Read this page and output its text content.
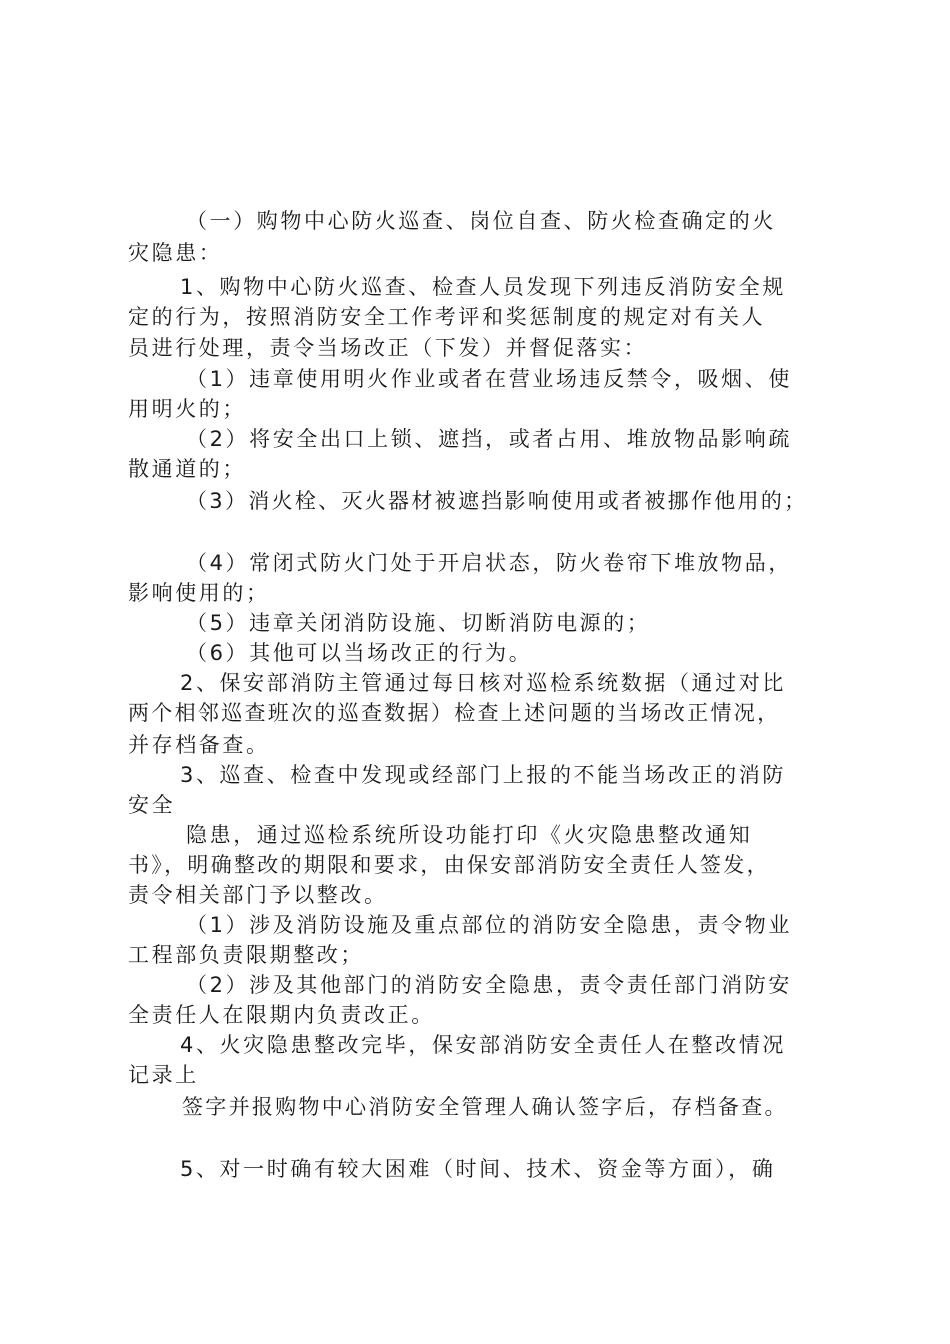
（一）购物中心防火巡查、岗位自查、防火检查确定的火
灾隐患：
1、购物中心防火巡查、检查人员发现下列违反消防安全规
定的行为，按照消防安全工作考评和奖惩制度的规定对有关人
员进行处理，责令当场改正（下发）并督促落实：
（1）违章使用明火作业或者在营业场违反禁令，吸烟、使
用明火的；
（2）将安全出口上锁、遮挡，或者占用、堆放物品影响疏
散通道的；
（3）消火栓、灭火器材被遮挡影响使用或者被挪作他用的；
（4）常闭式防火门处于开启状态，防火卷帘下堆放物品，
影响使用的；
（5）违章关闭消防设施、切断消防电源的；
（6）其他可以当场改正的行为。
2、保安部消防主管通过每日核对巡检系统数据（通过对比
两个相邻巡查班次的巡查数据）检查上述问题的当场改正情况，
并存档备查。
3、巡查、检查中发现或经部门上报的不能当场改正的消防
安全
隐患，通过巡检系统所设功能打印《火灾隐患整改通知
书》，明确整改的期限和要求，由保安部消防安全责任人签发，
责令相关部门予以整改。
（1）涉及消防设施及重点部位的消防安全隐患，责令物业
工程部负责限期整改；
（2）涉及其他部门的消防安全隐患，责令责任部门消防安
全责任人在限期内负责改正。
4、火灾隐患整改完毕，保安部消防安全责任人在整改情况
记录上
签字并报购物中心消防安全管理人确认签字后，存档备查。
5、对一时确有较大困难（时间、技术、资金等方面），确
